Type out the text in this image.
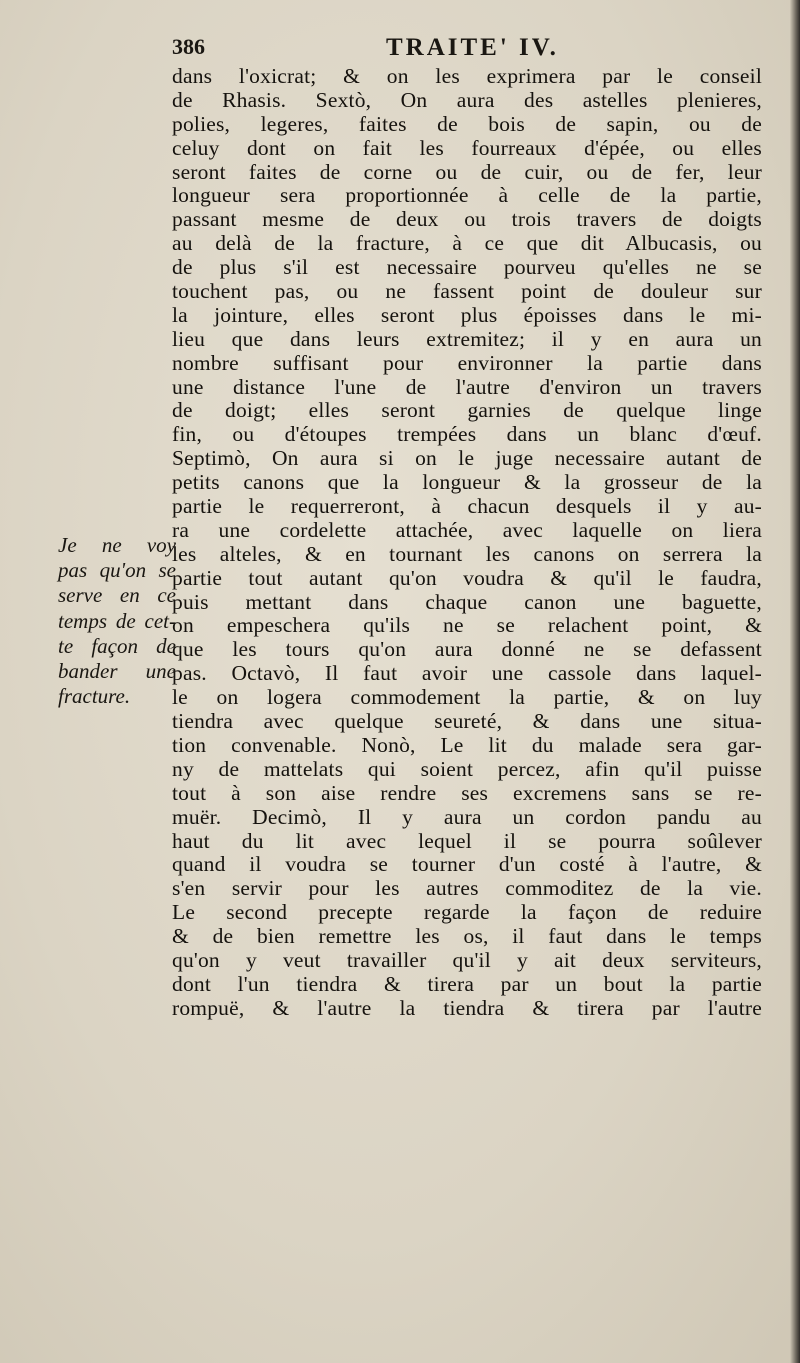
386	TRAITE' IV.
dans l'oxicrat; & on les exprimera par le conseil
de Rhasis. Sextò, On aura des astelles plenieres,
polies, legeres, faites de bois de sapin, ou de
celuy dont on fait les fourreaux d'épée, ou elles
seront faites de corne ou de cuir, ou de fer, leur
longueur sera proportionnée à celle de la partie,
passant mesme de deux ou trois travers de doigts
au delà de la fracture, à ce que dit Albucasis, ou
de plus s'il est necessaire pourveu qu'elles ne se
touchent pas, ou ne fassent point de douleur sur
la jointure, elles seront plus époisses dans le mi-
lieu que dans leurs extremitez; il y en aura un
nombre suffisant pour environner la partie dans
une distance l'une de l'autre d'environ un travers
de doigt; elles seront garnies de quelque linge
fin, ou d'étoupes trempées dans un blanc d'œuf.
Septimò, On aura si on le juge necessaire autant de
petits canons que la longueur & la grosseur de la
partie le requerreront, à chacun desquels il y au-
ra une cordelette attachée, avec laquelle on liera
les alteles, & en tournant les canons on serrera la
partie tout autant qu'on voudra & qu'il le faudra,
puis mettant dans chaque canon une baguette,
on empeschera qu'ils ne se relachent point, &
que les tours qu'on aura donné ne se defassent
pas. Octavò, Il faut avoir une cassole dans laquel-
le on logera commodement la partie, & on luy
tiendra avec quelque seureté, & dans une situa-
tion convenable. Nonò, Le lit du malade sera gar-
ny de mattelats qui soient percez, afin qu'il puisse
tout à son aise rendre ses excremens sans se re-
muër. Decimò, Il y aura un cordon pandu au
haut du lit avec lequel il se pourra soûlever
quand il voudra se tourner d'un costé à l'autre, &
s'en servir pour les autres commoditez de la vie.
Le second precepte regarde la façon de reduire
& de bien remettre les os, il faut dans le temps
qu'on y veut travailler qu'il y ait deux serviteurs,
dont l'un tiendra & tirera par un bout la partie
rompuë, & l'autre la tiendra & tirera par l'autre
Je ne voy
pas qu'on se
serve en ce
temps de cet-
te façon de
bander une
fracture.
